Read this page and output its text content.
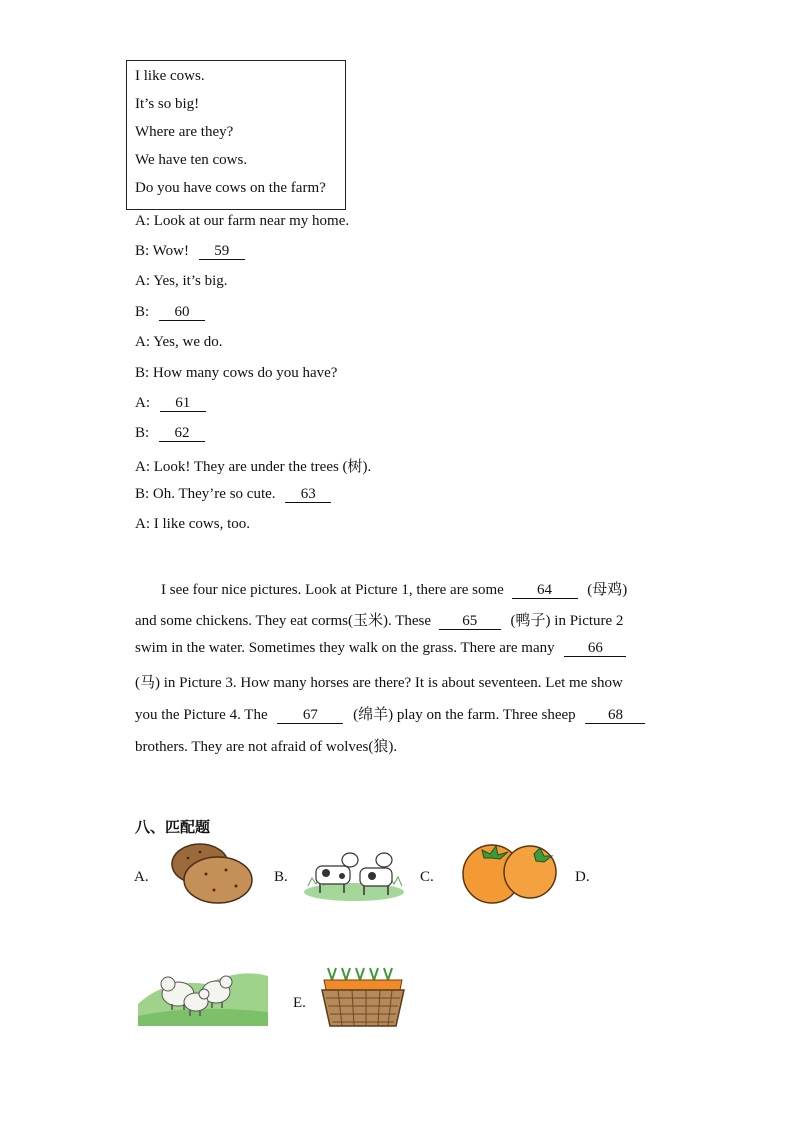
I like cows.
It’s so big!
Where are they?
We have ten cows.
Do you have cows on the farm?
A: Look at our farm near my home.
B: Wow! 59
A: Yes, it’s big.
B: 60
A: Yes, we do.
B: How many cows do you have?
A: 61
B: 62
A: Look! They are under the trees (树).
B: Oh. They’re so cute. 63
A: I like cows, too.
I see four nice pictures. Look at Picture 1, there are some 64 (母鸡)
and some chickens. They eat corms(玉米). These 65 (鸭子) in Picture 2
swim in the water. Sometimes they walk on the grass. There are many 66
(马) in Picture 3. How many horses are there? It is about seventeen. Let me show
you the Picture 4. The 67 (绵羊) play on the farm. Three sheep 68
brothers. They are not afraid of wolves(狼).
八、匹配题
A.	B.	C.	D.
E.
